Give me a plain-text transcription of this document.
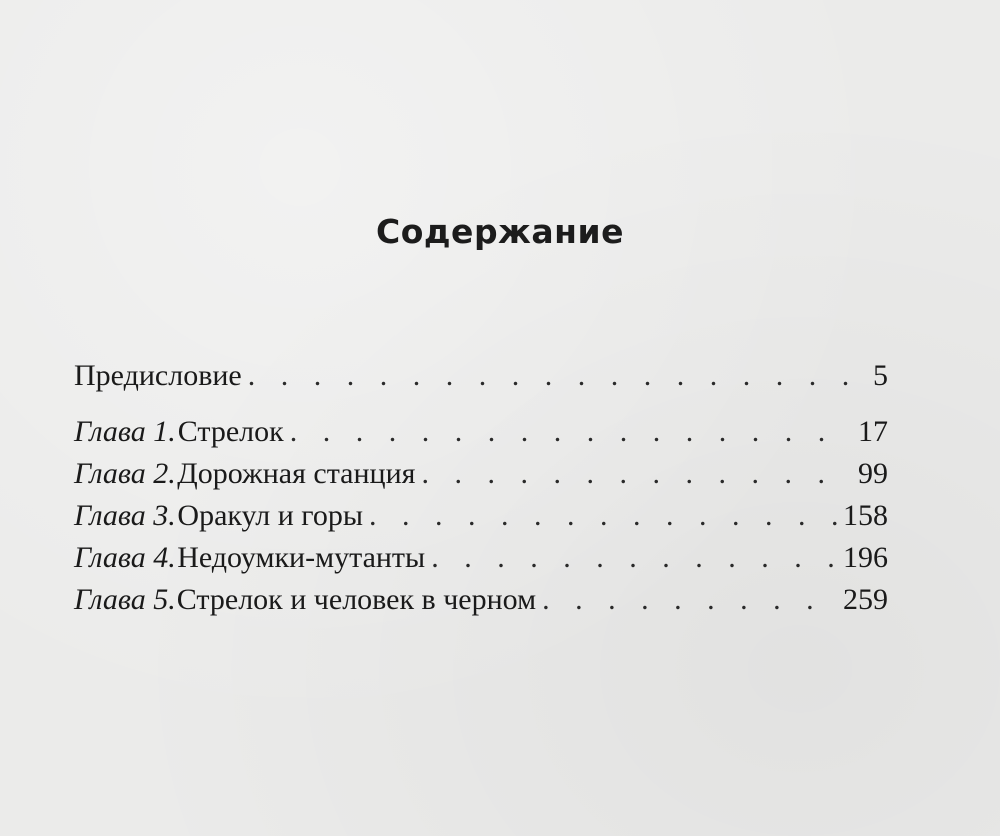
Содержание
Предисловие . . .	5
Глава 1. Стрелок . . .	17
Глава 2. Дорожная станция . . .	99
Глава 3. Оракул и горы . . .	158
Глава 4. Недоумки-мутанты . . .	196
Глава 5. Стрелок и человек в черном . . .	259
